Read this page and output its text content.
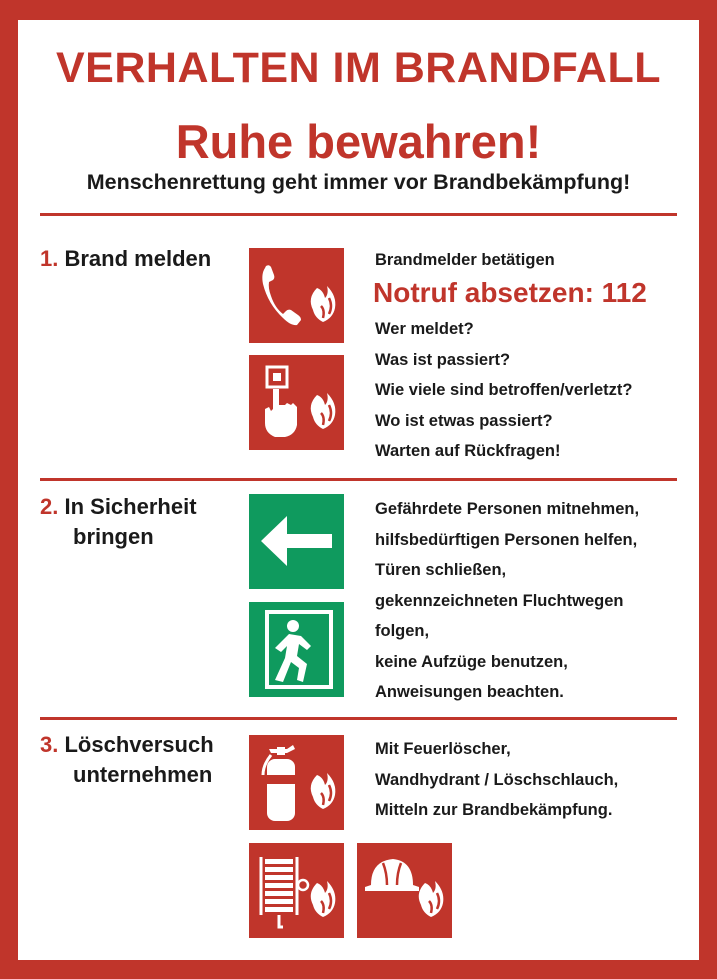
VERHALTEN IM BRANDFALL
Ruhe bewahren!
Menschenrettung geht immer vor Brandbekämpfung!
1. Brand melden	Brandmelder betätigen
Notruf absetzen: 112
Wer meldet?
Was ist passiert?
Wie viele sind betroffen/verletzt?
Wo ist etwas passiert?
Warten auf Rückfragen!
2. In Sicherheit
bringen
Gefährdete Personen mitnehmen,
hilfsbedürftigen Personen helfen,
Türen schließen,
gekennzeichneten Fluchtwegen
folgen,
keine Aufzüge benutzen,
Anweisungen beachten.
3. Löschversuch
unternehmen
Mit Feuerlöscher,
Wandhydrant / Löschschlauch,
Mitteln zur Brandbekämpfung.
